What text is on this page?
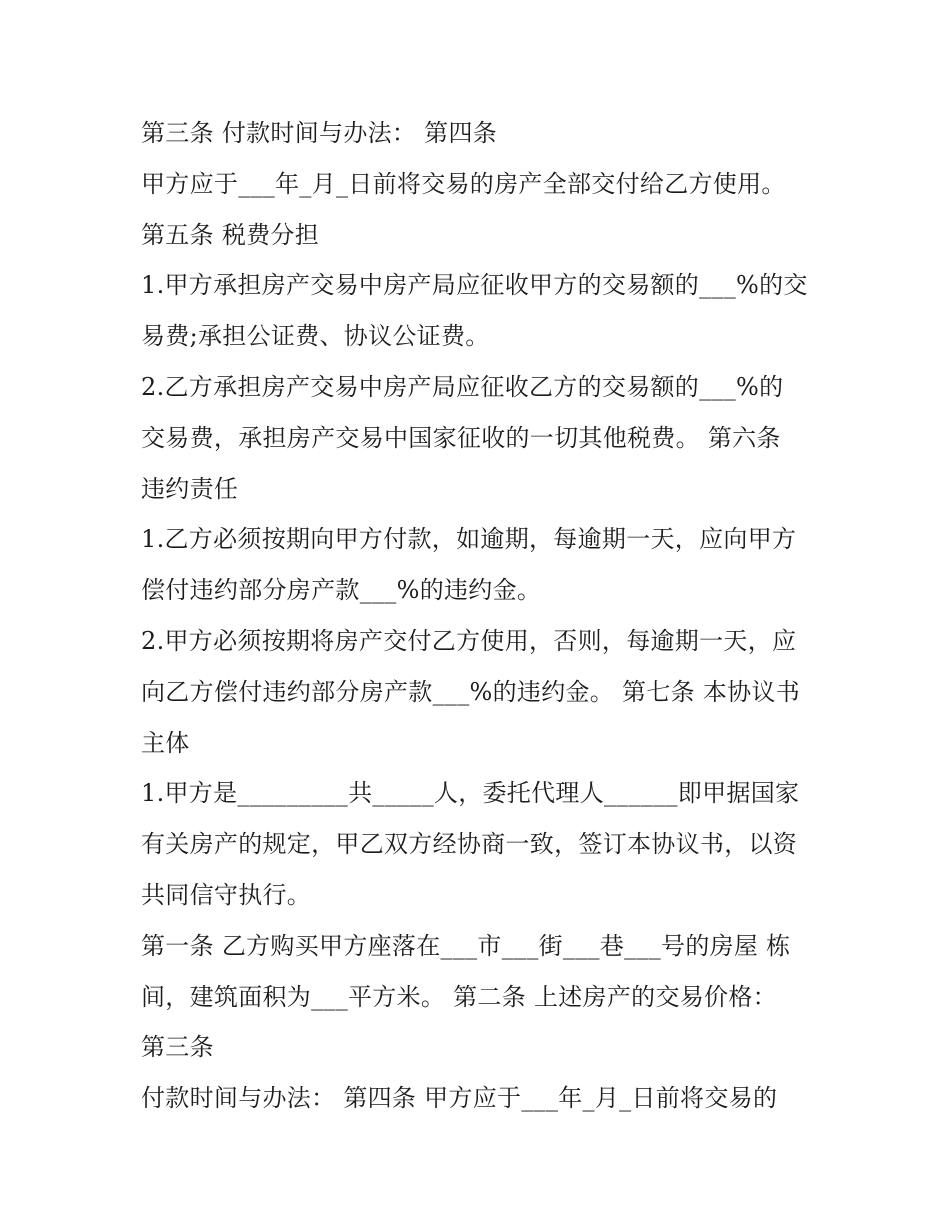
第三条 付款时间与办法： 第四条
甲方应于___年_月_日前将交易的房产全部交付给乙方使用。
第五条 税费分担
1.甲方承担房产交易中房产局应征收甲方的交易额的___%的交
易费;承担公证费、协议公证费。
2.乙方承担房产交易中房产局应征收乙方的交易额的___%的
交易费，承担房产交易中国家征收的一切其他税费。 第六条
违约责任
1.乙方必须按期向甲方付款，如逾期，每逾期一天，应向甲方
偿付违约部分房产款___%的违约金。
2.甲方必须按期将房产交付乙方使用，否则，每逾期一天，应
向乙方偿付违约部分房产款___%的违约金。 第七条 本协议书
主体
1.甲方是_________共_____人，委托代理人______即甲据国家
有关房产的规定，甲乙双方经协商一致，签订本协议书，以资
共同信守执行。
第一条 乙方购买甲方座落在___市___街___巷___号的房屋 栋
间，建筑面积为___平方米。 第二条 上述房产的交易价格：
第三条
付款时间与办法： 第四条 甲方应于___年_月_日前将交易的
